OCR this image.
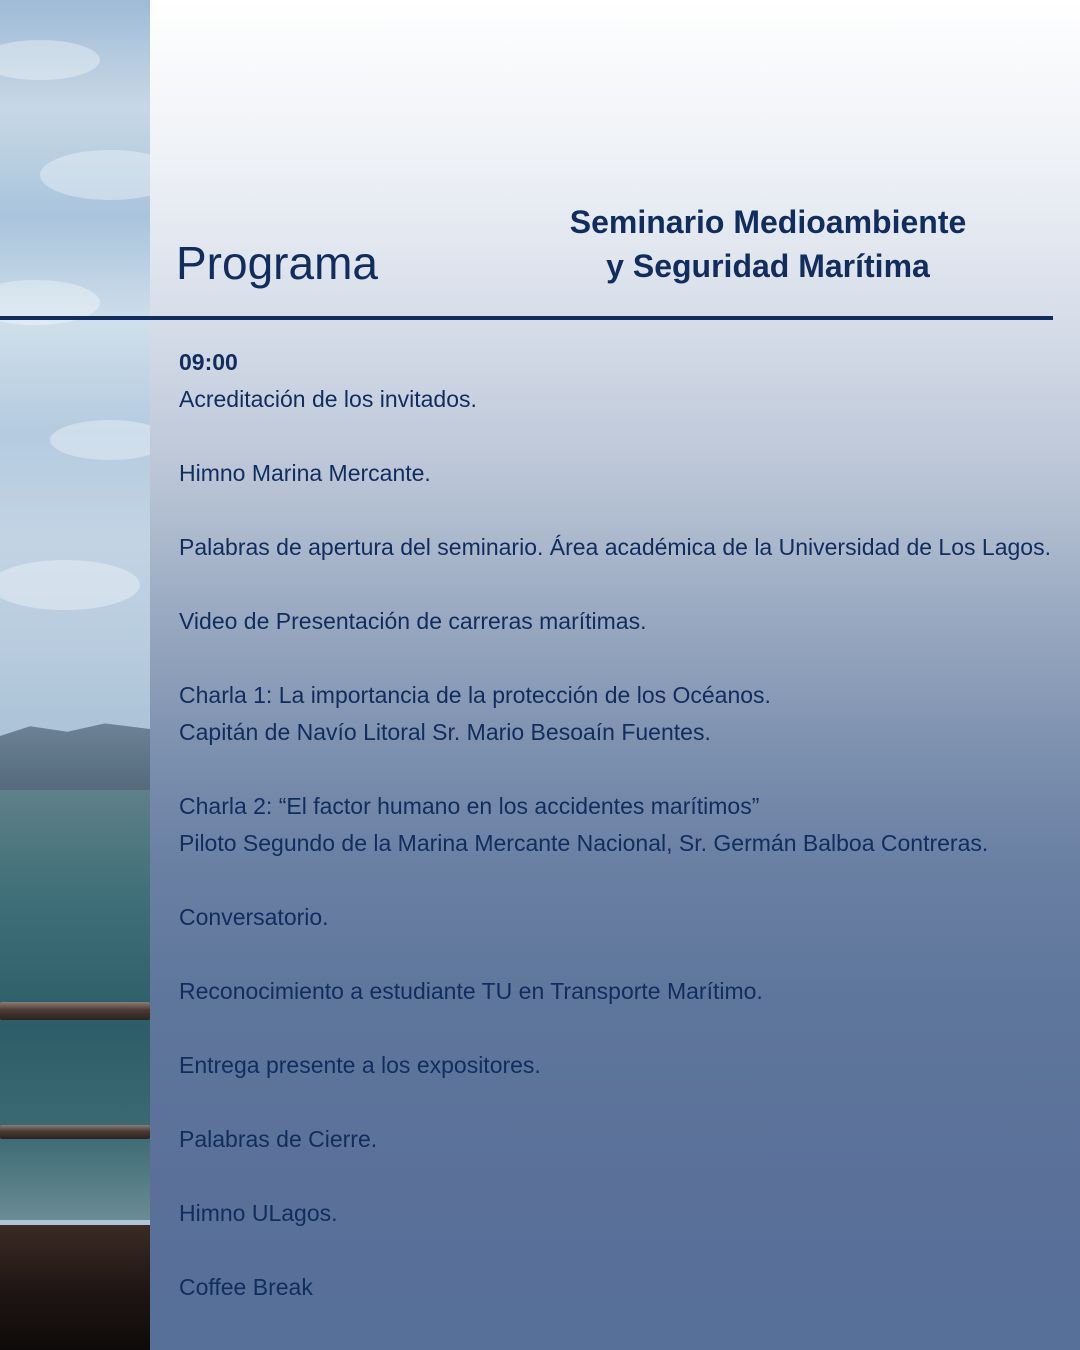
Programa
Seminario Medioambiente
y Seguridad Marítima
09:00
Acreditación de los invitados.
Himno Marina Mercante.
Palabras de apertura del seminario. Área académica de la Universidad de Los Lagos.
Video de Presentación de carreras marítimas.
Charla 1: La importancia de la protección de los Océanos.
Capitán de Navío Litoral Sr. Mario Besoaín Fuentes.
Charla 2: “El factor humano en los accidentes marítimos”
Piloto Segundo de la Marina Mercante Nacional, Sr. Germán Balboa Contreras.
Conversatorio.
Reconocimiento a estudiante TU en Transporte Marítimo.
Entrega presente a los expositores.
Palabras de Cierre.
Himno ULagos.
Coffee Break
